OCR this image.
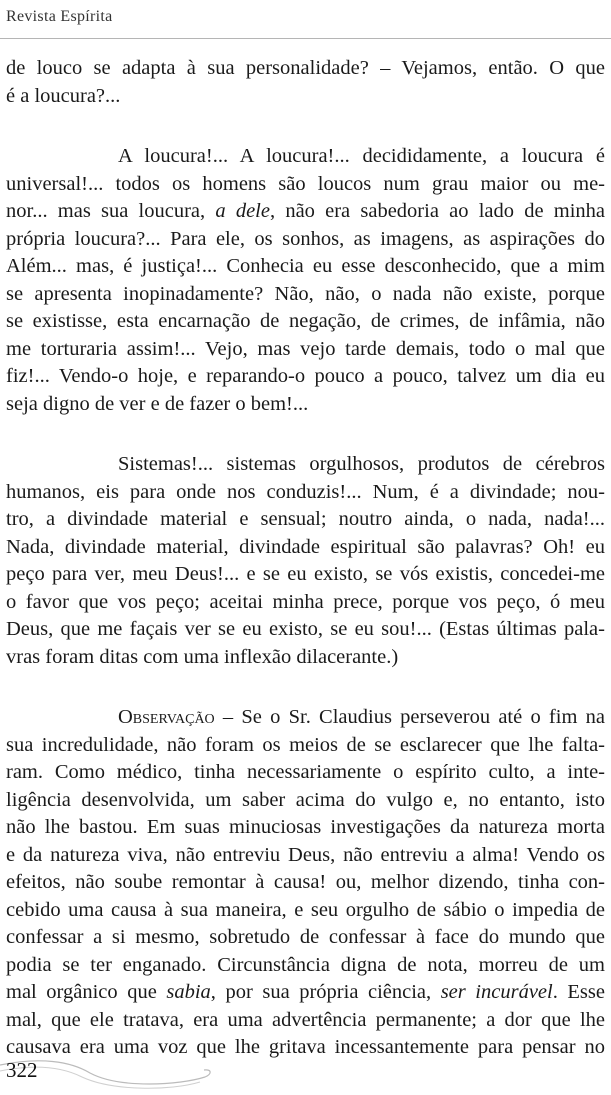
Revista Espírita
de louco se adapta à sua personalidade? – Vejamos, então. O que
é a loucura?...
A loucura!... A loucura!... decididamente, a loucura é
universal!... todos os homens são loucos num grau maior ou me-
nor... mas sua loucura, a dele, não era sabedoria ao lado de minha
própria loucura?... Para ele, os sonhos, as imagens, as aspirações do
Além... mas, é justiça!... Conhecia eu esse desconhecido, que a mim
se apresenta inopinadamente? Não, não, o nada não existe, porque
se existisse, esta encarnação de negação, de crimes, de infâmia, não
me torturaria assim!... Vejo, mas vejo tarde demais, todo o mal que
fiz!... Vendo-o hoje, e reparando-o pouco a pouco, talvez um dia eu
seja digno de ver e de fazer o bem!...
Sistemas!... sistemas orgulhosos, produtos de cérebros
humanos, eis para onde nos conduzis!... Num, é a divindade; nou-
tro, a divindade material e sensual; noutro ainda, o nada, nada!...
Nada, divindade material, divindade espiritual são palavras? Oh! eu
peço para ver, meu Deus!... e se eu existo, se vós existis, concedei-me
o favor que vos peço; aceitai minha prece, porque vos peço, ó meu
Deus, que me façais ver se eu existo, se eu sou!... (Estas últimas pala-
vras foram ditas com uma inflexão dilacerante.)
Observação – Se o Sr. Claudius perseverou até o fim na
sua incredulidade, não foram os meios de se esclarecer que lhe falta-
ram. Como médico, tinha necessariamente o espírito culto, a inte-
ligência desenvolvida, um saber acima do vulgo e, no entanto, isto
não lhe bastou. Em suas minuciosas investigações da natureza morta
e da natureza viva, não entreviu Deus, não entreviu a alma! Vendo os
efeitos, não soube remontar à causa! ou, melhor dizendo, tinha con-
cebido uma causa à sua maneira, e seu orgulho de sábio o impedia de
confessar a si mesmo, sobretudo de confessar à face do mundo que
podia se ter enganado. Circunstância digna de nota, morreu de um
mal orgânico que sabia, por sua própria ciência, ser incurável. Esse
mal, que ele tratava, era uma advertência permanente; a dor que lhe
causava era uma voz que lhe gritava incessantemente para pensar no
322
